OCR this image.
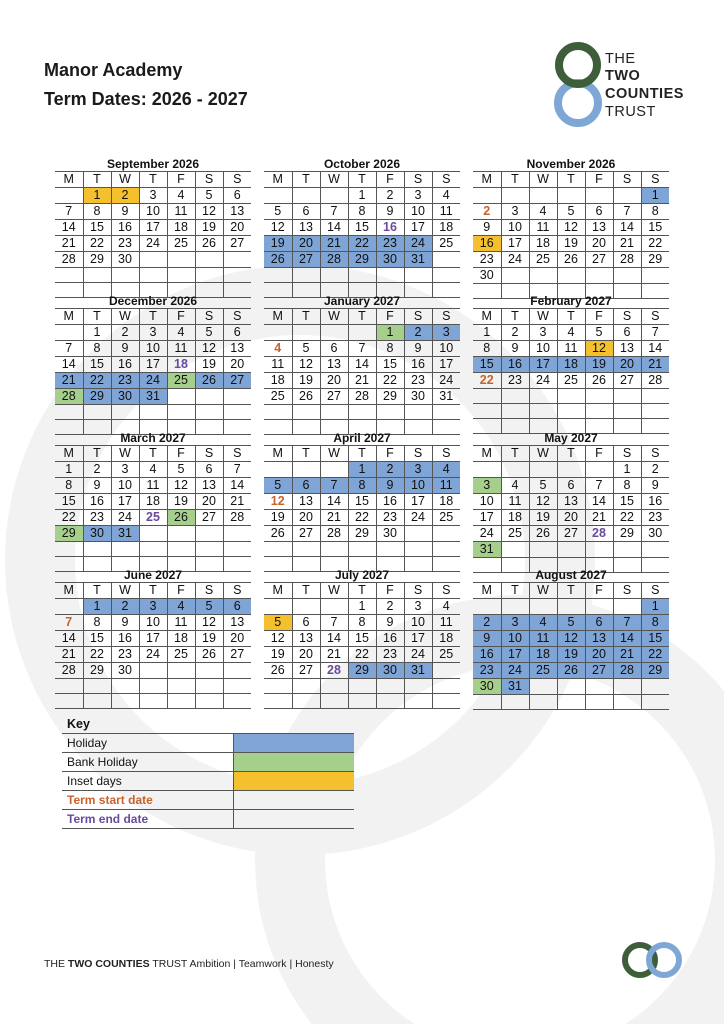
Manor Academy
Term Dates: 2026 - 2027
THE
TWO
COUNTIES
TRUST
September 2026
M	T	W	T	F	S	S
	1	2	3	4	5	6
7	8	9	10	11	12	13
14	15	16	17	18	19	20
21	22	23	24	25	26	27
28	29	30				

October 2026
M	T	W	T	F	S	S
			1	2	3	4
5	6	7	8	9	10	11
12	13	14	15	16	17	18
19	20	21	22	23	24	25
26	27	28	29	30	31	

November 2026
M	T	W	T	F	S	S
						1
2	3	4	5	6	7	8
9	10	11	12	13	14	15
16	17	18	19	20	21	22
23	24	25	26	27	28	29
30						

December 2026
M	T	W	T	F	S	S
	1	2	3	4	5	6
7	8	9	10	11	12	13
14	15	16	17	18	19	20
21	22	23	24	25	26	27
28	29	30	31			

January 2027
M	T	W	T	F	S	S
				1	2	3
4	5	6	7	8	9	10
11	12	13	14	15	16	17
18	19	20	21	22	23	24
25	26	27	28	29	30	31

February 2027
M	T	W	T	F	S	S
1	2	3	4	5	6	7
8	9	10	11	12	13	14
15	16	17	18	19	20	21
22	23	24	25	26	27	28

March 2027
M	T	W	T	F	S	S
1	2	3	4	5	6	7
8	9	10	11	12	13	14
15	16	17	18	19	20	21
22	23	24	25	26	27	28
29	30	31				

April 2027
M	T	W	T	F	S	S
			1	2	3	4
5	6	7	8	9	10	11
12	13	14	15	16	17	18
19	20	21	22	23	24	25
26	27	28	29	30		

May 2027
M	T	W	T	F	S	S
					1	2
3	4	5	6	7	8	9
10	11	12	13	14	15	16
17	18	19	20	21	22	23
24	25	26	27	28	29	30
31						

June 2027
M	T	W	T	F	S	S
	1	2	3	4	5	6
7	8	9	10	11	12	13
14	15	16	17	18	19	20
21	22	23	24	25	26	27
28	29	30				

July 2027
M	T	W	T	F	S	S
			1	2	3	4
5	6	7	8	9	10	11
12	13	14	15	16	17	18
19	20	21	22	23	24	25
26	27	28	29	30	31	

August 2027
M	T	W	T	F	S	S
						1
2	3	4	5	6	7	8
9	10	11	12	13	14	15
16	17	18	19	20	21	22
23	24	25	26	27	28	29
30	31					

Key
Holiday	
Bank Holiday	
Inset days	
Term start date	
Term end date	
THE TWO COUNTIES TRUST Ambition | Teamwork | Honesty
